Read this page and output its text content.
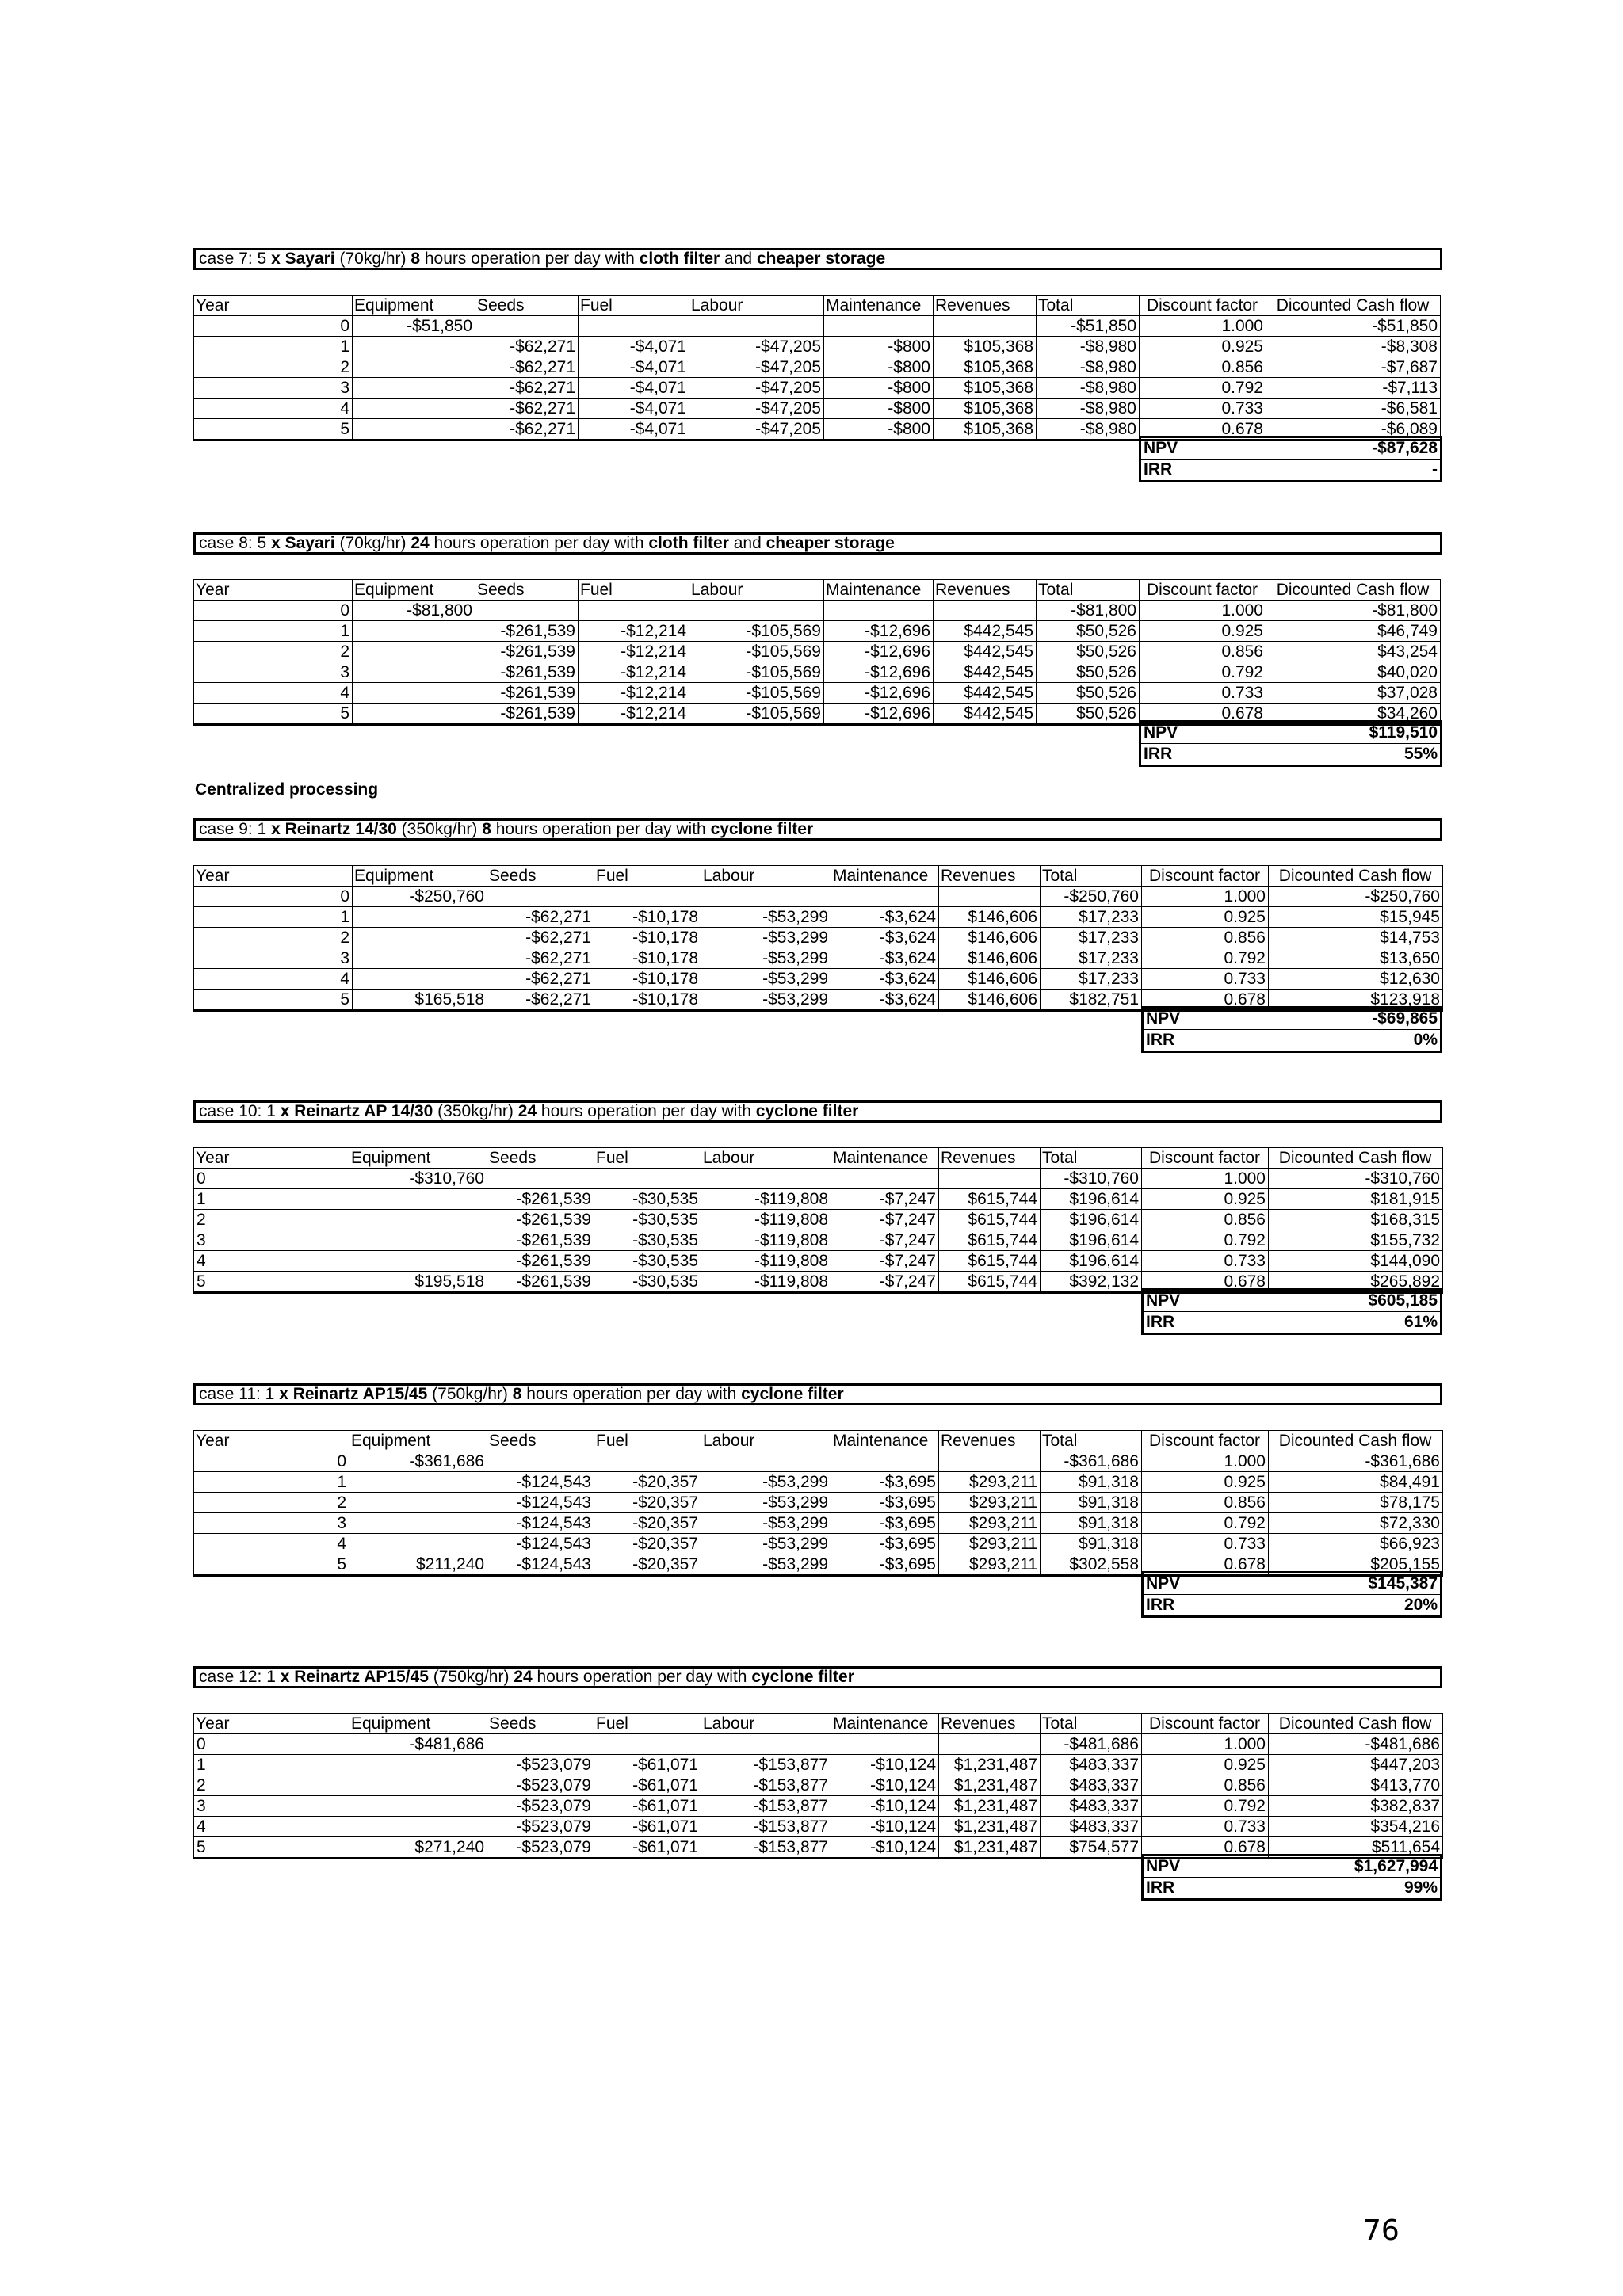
Centralized processing
76
case 7: 5 x Sayari (70kg/hr) 8 hours operation per day with cloth filter and cheaper storage
Year	Equipment	Seeds	Fuel	Labour	Maintenance	Revenues	Total	Discount factor	Dicounted Cash flow
0	-$51,850						-$51,850	1.000	-$51,850
1		-$62,271	-$4,071	-$47,205	-$800	$105,368	-$8,980	0.925	-$8,308
2		-$62,271	-$4,071	-$47,205	-$800	$105,368	-$8,980	0.856	-$7,687
3		-$62,271	-$4,071	-$47,205	-$800	$105,368	-$8,980	0.792	-$7,113
4		-$62,271	-$4,071	-$47,205	-$800	$105,368	-$8,980	0.733	-$6,581
5		-$62,271	-$4,071	-$47,205	-$800	$105,368	-$8,980	0.678	-$6,089
NPV	-$87,628
IRR	-
case 8: 5 x Sayari (70kg/hr) 24 hours operation per day with cloth filter and cheaper storage
Year	Equipment	Seeds	Fuel	Labour	Maintenance	Revenues	Total	Discount factor	Dicounted Cash flow
0	-$81,800						-$81,800	1.000	-$81,800
1		-$261,539	-$12,214	-$105,569	-$12,696	$442,545	$50,526	0.925	$46,749
2		-$261,539	-$12,214	-$105,569	-$12,696	$442,545	$50,526	0.856	$43,254
3		-$261,539	-$12,214	-$105,569	-$12,696	$442,545	$50,526	0.792	$40,020
4		-$261,539	-$12,214	-$105,569	-$12,696	$442,545	$50,526	0.733	$37,028
5		-$261,539	-$12,214	-$105,569	-$12,696	$442,545	$50,526	0.678	$34,260
NPV	$119,510
IRR	55%
case 9: 1 x Reinartz 14/30 (350kg/hr) 8 hours operation per day with cyclone filter
Year	Equipment	Seeds	Fuel	Labour	Maintenance	Revenues	Total	Discount factor	Dicounted Cash flow
0	-$250,760						-$250,760	1.000	-$250,760
1		-$62,271	-$10,178	-$53,299	-$3,624	$146,606	$17,233	0.925	$15,945
2		-$62,271	-$10,178	-$53,299	-$3,624	$146,606	$17,233	0.856	$14,753
3		-$62,271	-$10,178	-$53,299	-$3,624	$146,606	$17,233	0.792	$13,650
4		-$62,271	-$10,178	-$53,299	-$3,624	$146,606	$17,233	0.733	$12,630
5	$165,518	-$62,271	-$10,178	-$53,299	-$3,624	$146,606	$182,751	0.678	$123,918
NPV	-$69,865
IRR	0%
case 10: 1 x Reinartz AP 14/30 (350kg/hr) 24 hours operation per day with cyclone filter
Year	Equipment	Seeds	Fuel	Labour	Maintenance	Revenues	Total	Discount factor	Dicounted Cash flow
0	-$310,760						-$310,760	1.000	-$310,760
1		-$261,539	-$30,535	-$119,808	-$7,247	$615,744	$196,614	0.925	$181,915
2		-$261,539	-$30,535	-$119,808	-$7,247	$615,744	$196,614	0.856	$168,315
3		-$261,539	-$30,535	-$119,808	-$7,247	$615,744	$196,614	0.792	$155,732
4		-$261,539	-$30,535	-$119,808	-$7,247	$615,744	$196,614	0.733	$144,090
5	$195,518	-$261,539	-$30,535	-$119,808	-$7,247	$615,744	$392,132	0.678	$265,892
NPV	$605,185
IRR	61%
case 11: 1 x Reinartz AP15/45 (750kg/hr) 8 hours operation per day with cyclone filter
Year	Equipment	Seeds	Fuel	Labour	Maintenance	Revenues	Total	Discount factor	Dicounted Cash flow
0	-$361,686						-$361,686	1.000	-$361,686
1		-$124,543	-$20,357	-$53,299	-$3,695	$293,211	$91,318	0.925	$84,491
2		-$124,543	-$20,357	-$53,299	-$3,695	$293,211	$91,318	0.856	$78,175
3		-$124,543	-$20,357	-$53,299	-$3,695	$293,211	$91,318	0.792	$72,330
4		-$124,543	-$20,357	-$53,299	-$3,695	$293,211	$91,318	0.733	$66,923
5	$211,240	-$124,543	-$20,357	-$53,299	-$3,695	$293,211	$302,558	0.678	$205,155
NPV	$145,387
IRR	20%
case 12: 1 x Reinartz AP15/45 (750kg/hr) 24 hours operation per day with cyclone filter
Year	Equipment	Seeds	Fuel	Labour	Maintenance	Revenues	Total	Discount factor	Dicounted Cash flow
0	-$481,686						-$481,686	1.000	-$481,686
1		-$523,079	-$61,071	-$153,877	-$10,124	$1,231,487	$483,337	0.925	$447,203
2		-$523,079	-$61,071	-$153,877	-$10,124	$1,231,487	$483,337	0.856	$413,770
3		-$523,079	-$61,071	-$153,877	-$10,124	$1,231,487	$483,337	0.792	$382,837
4		-$523,079	-$61,071	-$153,877	-$10,124	$1,231,487	$483,337	0.733	$354,216
5	$271,240	-$523,079	-$61,071	-$153,877	-$10,124	$1,231,487	$754,577	0.678	$511,654
NPV	$1,627,994
IRR	99%
